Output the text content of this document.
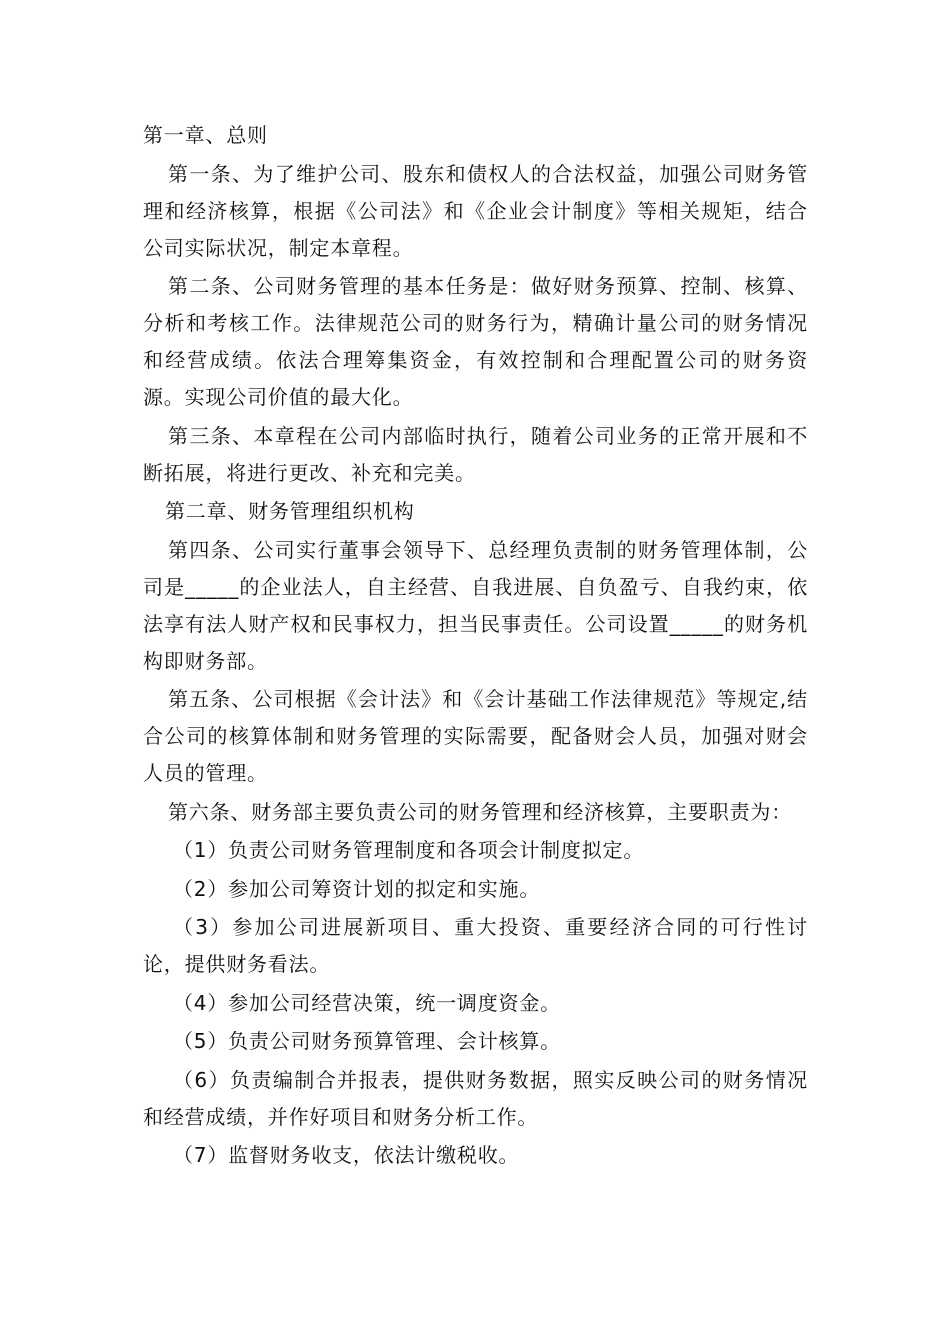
第一章、总则

第一条、为了维护公司、股东和债权人的合法权益，加强公司财务管理和经济核算，根据《公司法》和《企业会计制度》等相关规矩，结合公司实际状况，制定本章程。

第二条、公司财务管理的基本任务是：做好财务预算、控制、核算、分析和考核工作。法律规范公司的财务行为，精确计量公司的财务情况和经营成绩。依法合理筹集资金，有效控制和合理配置公司的财务资源。实现公司价值的最大化。

第三条、本章程在公司内部临时执行，随着公司业务的正常开展和不断拓展，将进行更改、补充和完美。

第二章、财务管理组织机构

第四条、公司实行董事会领导下、总经理负责制的财务管理体制，公司是_____的企业法人，自主经营、自我进展、自负盈亏、自我约束，依法享有法人财产权和民事权力，担当民事责任。公司设置_____的财务机构即财务部。

第五条、公司根据《会计法》和《会计基础工作法律规范》等规定,结合公司的核算体制和财务管理的实际需要，配备财会人员，加强对财会人员的管理。

第六条、财务部主要负责公司的财务管理和经济核算，主要职责为：

（1）负责公司财务管理制度和各项会计制度拟定。

（2）参加公司筹资计划的拟定和实施。

（3）参加公司进展新项目、重大投资、重要经济合同的可行性讨论，提供财务看法。

（4）参加公司经营决策，统一调度资金。

（5）负责公司财务预算管理、会计核算。

（6）负责编制合并报表，提供财务数据，照实反映公司的财务情况和经营成绩，并作好项目和财务分析工作。

（7）监督财务收支，依法计缴税收。
